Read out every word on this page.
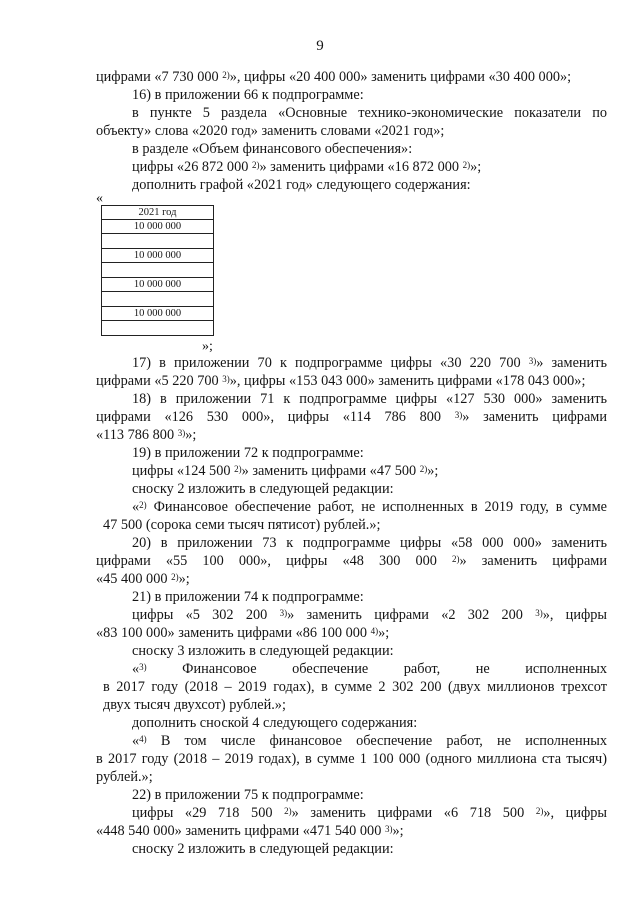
9
цифрами «7 730 000 $^{2)}$», цифры «20 400 000» заменить цифрами «30 400 000»;
16) в приложении 66 к подпрограмме:
в пункте 5 раздела «Основные технико-экономические показатели по
объекту» слова «2020 год» заменить словами «2021 год»;
в разделе «Объем финансового обеспечения»:
цифры «26 872 000 $^{2)}$» заменить цифрами «16 872 000 $^{2)}$»;
дополнить графой «2021 год» следующего содержания:
«
2021 год
10 000 000

10 000 000

10 000 000

10 000 000

»;
17) в приложении 70 к подпрограмме цифры «30 220 700 $^{3)}$» заменить
цифрами «5 220 700 $^{3)}$», цифры «153 043 000» заменить цифрами «178 043 000»;
18) в приложении 71 к подпрограмме цифры «127 530 000» заменить
цифрами «126 530 000», цифры «114 786 800 $^{3)}$» заменить цифрами
«113 786 800 $^{3)}$»;
19) в приложении 72 к подпрограмме:
цифры «124 500 $^{2)}$» заменить цифрами «47 500 $^{2)}$»;
сноску 2 изложить в следующей редакции:
«$^{2)}$ Финансовое обеспечение работ, не исполненных в 2019 году, в сумме
47 500 (сорока семи тысяч пятисот) рублей.»;
20) в приложении 73 к подпрограмме цифры «58 000 000» заменить
цифрами «55 100 000», цифры «48 300 000 $^{2)}$» заменить цифрами
«45 400 000 $^{2)}$»;
21) в приложении 74 к подпрограмме:
цифры «5 302 200 $^{3)}$» заменить цифрами «2 302 200 $^{3)}$», цифры
«83 100 000» заменить цифрами «86 100 000 $^{4)}$»;
сноску 3 изложить в следующей редакции:
«$^{3)}$ Финансовое обеспечение работ, не исполненных
в 2017 году (2018 – 2019 годах), в сумме 2 302 200 (двух миллионов трехсот
двух тысяч двухсот) рублей.»;
дополнить сноской 4 следующего содержания:
«$^{4)}$ В том числе финансовое обеспечение работ, не исполненных
в 2017 году (2018 – 2019 годах), в сумме 1 100 000 (одного миллиона ста тысяч)
рублей.»;
22) в приложении 75 к подпрограмме:
цифры «29 718 500 $^{2)}$» заменить цифрами «6 718 500 $^{2)}$», цифры
«448 540 000» заменить цифрами «471 540 000 $^{3)}$»;
сноску 2 изложить в следующей редакции:
